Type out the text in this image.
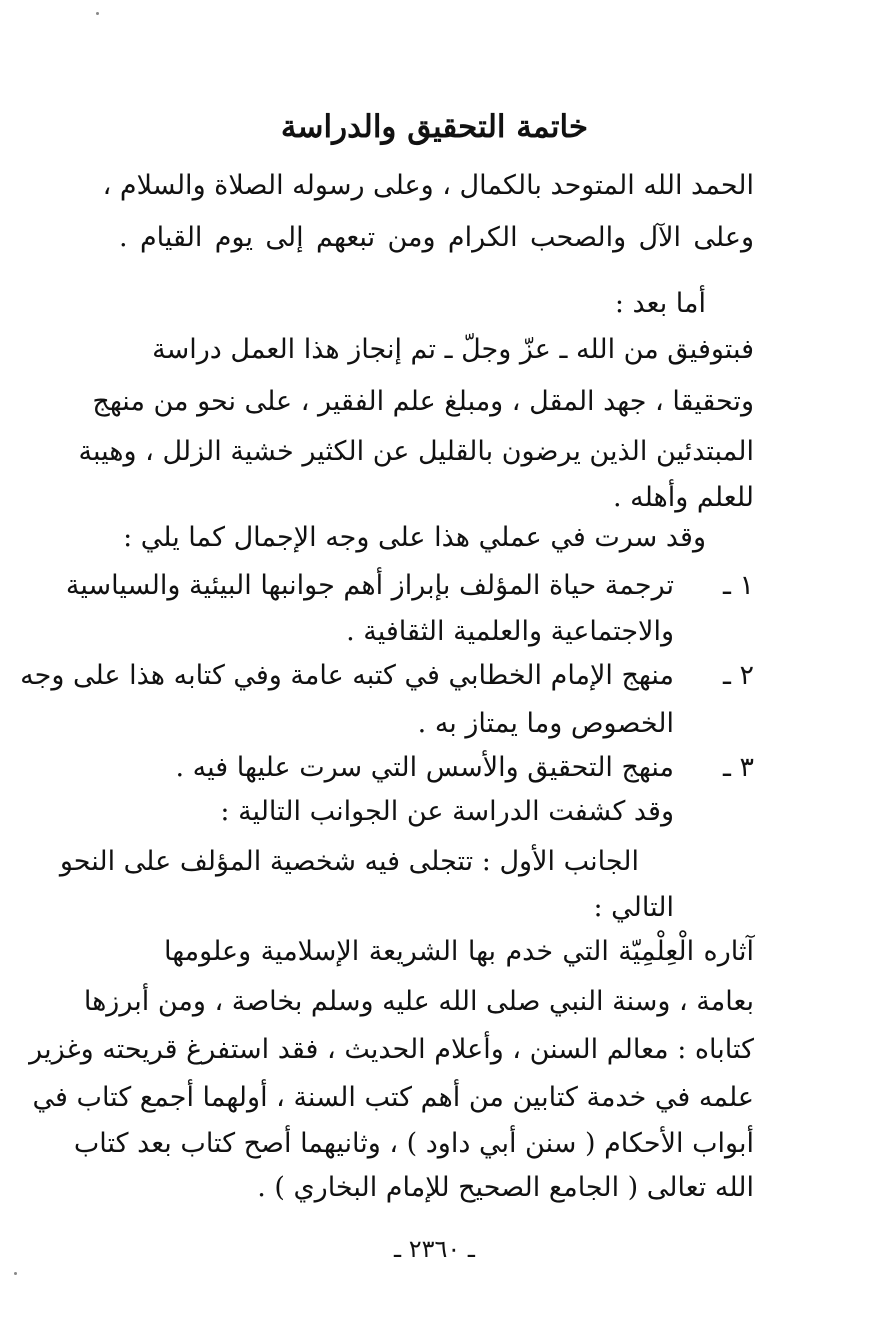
خاتمة التحقيق والدراسة
الحمد الله المتوحد بالكمال ، وعلى رسوله الصلاة والسلام ،
وعلى الآل والصحب الكرام ومن تبعهم إلى يوم القيام .
أما بعد :
فبتوفيق من الله ـ عزّ وجلّ ـ تم إنجاز هذا العمل دراسة
وتحقيقا ، جهد المقل ، ومبلغ علم الفقير ، على نحو من منهج
المبتدئين الذين يرضون بالقليل عن الكثير خشية الزلل ، وهيبة
للعلم وأهله .
وقد سرت في عملي هذا على وجه الإجمال كما يلي :
١ ـ
ترجمة حياة المؤلف بإبراز أهم جوانبها البيئية والسياسية
والاجتماعية والعلمية الثقافية .
٢ ـ
منهج الإمام الخطابي في كتبه عامة وفي كتابه هذا على وجه
الخصوص وما يمتاز به .
٣ ـ
منهج التحقيق والأسس التي سرت عليها فيه .
وقد كشفت الدراسة عن الجوانب التالية :
الجانب الأول : تتجلى فيه شخصية المؤلف على النحو
التالي :
آثاره الْعِلْمِيّة التي خدم بها الشريعة الإسلامية وعلومها
بعامة ، وسنة النبي صلى الله عليه وسلم بخاصة ، ومن أبرزها
كتاباه : معالم السنن ، وأعلام الحديث ، فقد استفرغ قريحته وغزير
علمه في خدمة كتابين من أهم كتب السنة ، أولهما أجمع كتاب في
أبواب الأحكام ( سنن أبي داود ) ، وثانيهما أصح كتاب بعد كتاب
الله تعالى ( الجامع الصحيح للإمام البخاري ) .
ـ ٢٣٦٠ ـ
